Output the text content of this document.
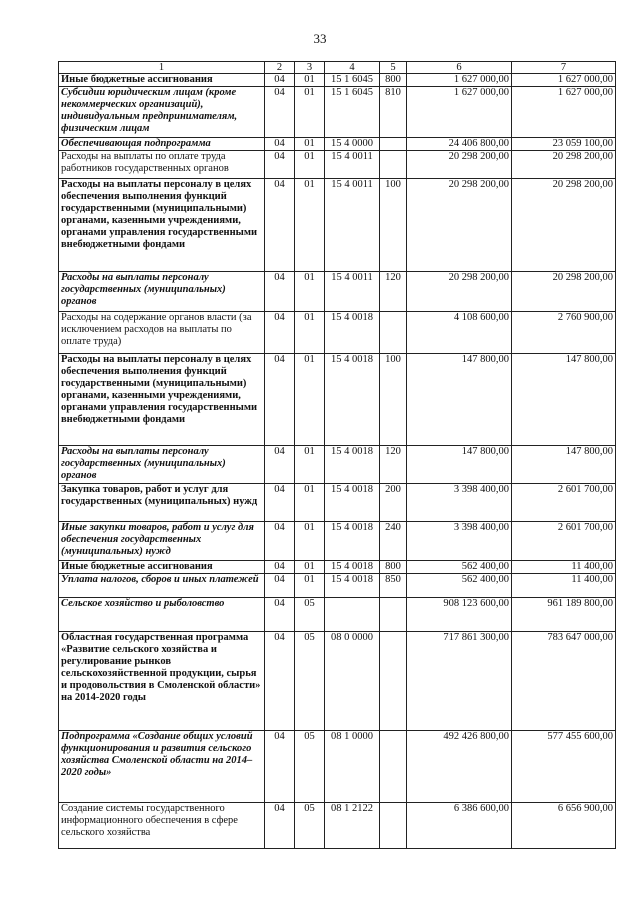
33
1	2	3	4	5	6	7
Иные бюджетные ассигнования	04	01	15 1 6045	800	1 627 000,00	1 627 000,00
Субсидии юридическим лицам (кроме некоммерческих организаций), индивидуальным предпринимателям, физическим лицам	04	01	15 1 6045	810	1 627 000,00	1 627 000,00
Обеспечивающая подпрограмма	04	01	15 4 0000		24 406 800,00	23 059 100,00
Расходы на выплаты по оплате труда работников государственных органов	04	01	15 4 0011		20 298 200,00	20 298 200,00
Расходы на выплаты персоналу в целях обеспечения выполнения функций государственными (муниципальными) органами, казенными учреждениями, органами управления государственными внебюджетными фондами	04	01	15 4 0011	100	20 298 200,00	20 298 200,00
Расходы на выплаты персоналу государственных (муниципальных) органов	04	01	15 4 0011	120	20 298 200,00	20 298 200,00
Расходы на содержание органов власти (за исключением расходов на выплаты по оплате труда)	04	01	15 4 0018		4 108 600,00	2 760 900,00
Расходы на выплаты персоналу в целях обеспечения выполнения функций государственными (муниципальными) органами, казенными учреждениями, органами управления государственными внебюджетными фондами	04	01	15 4 0018	100	147 800,00	147 800,00
Расходы на выплаты персоналу государственных (муниципальных) органов	04	01	15 4 0018	120	147 800,00	147 800,00
Закупка товаров, работ и услуг для государственных (муниципальных) нужд	04	01	15 4 0018	200	3 398 400,00	2 601 700,00
Иные закупки товаров, работ и услуг для обеспечения государственных (муниципальных) нужд	04	01	15 4 0018	240	3 398 400,00	2 601 700,00
Иные бюджетные ассигнования	04	01	15 4 0018	800	562 400,00	11 400,00
Уплата налогов, сборов и иных платежей	04	01	15 4 0018	850	562 400,00	11 400,00
Сельское хозяйство и рыболовство	04	05			908 123 600,00	961 189 800,00
Областная государственная программа «Развитие сельского хозяйства и регулирование рынков сельскохозяйственной продукции, сырья и продовольствия в Смоленской области» на 2014-2020 годы	04	05	08 0 0000		717 861 300,00	783 647 000,00
Подпрограмма «Создание общих условий функционирования и развития сельского хозяйства Смоленской области на 2014–2020 годы»	04	05	08 1 0000		492 426 800,00	577 455 600,00
Создание системы государственного информационного обеспечения в сфере сельского хозяйства	04	05	08 1 2122		6 386 600,00	6 656 900,00
